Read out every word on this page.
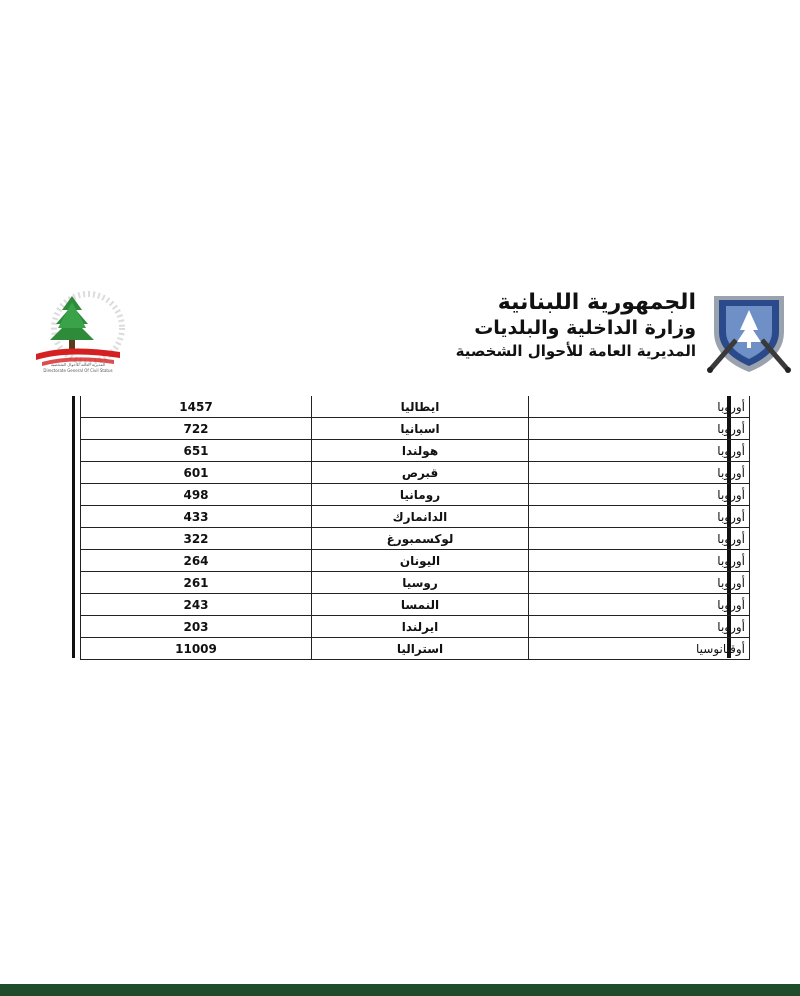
الجمهورية اللبنانية
وزارة الداخلية والبلديات
المديرية العامة للأحوال الشخصية
المديرية العامة للأحوال الشخصية
Directorate General Of Civil Status
1457	ايطاليا	أوروبا
722	اسبانيا	أوروبا
651	هولندا	أوروبا
601	قبرص	أوروبا
498	رومانيا	أوروبا
433	الدانمارك	أوروبا
322	لوكسمبورغ	أوروبا
264	اليونان	أوروبا
261	روسيا	أوروبا
243	النمسا	أوروبا
203	ايرلندا	أوروبا
11009	استراليا	أوقيانوسيا
